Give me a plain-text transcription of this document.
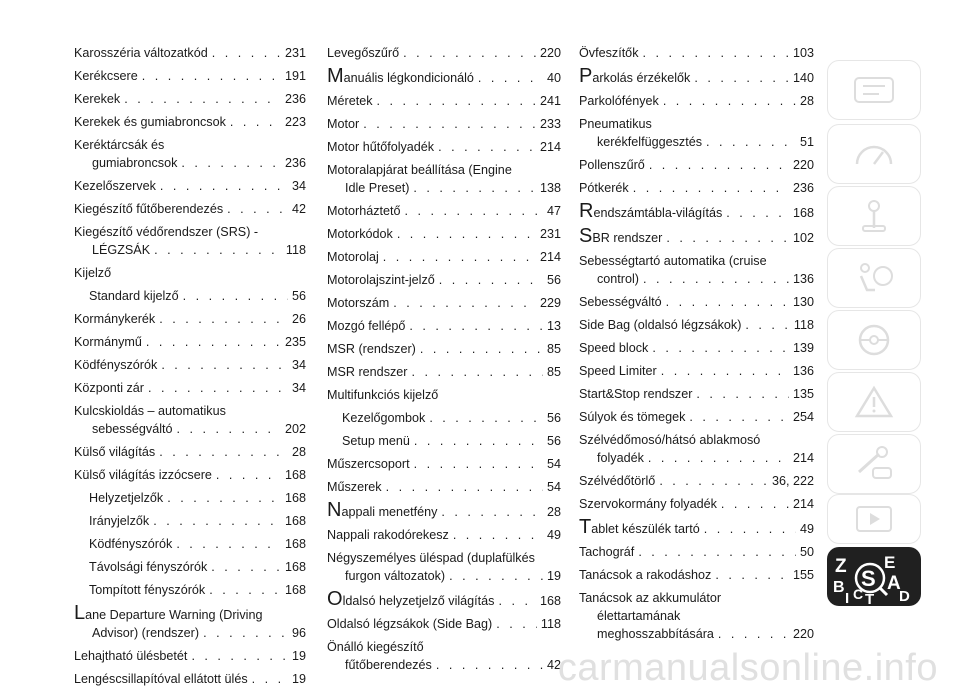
Karosszéria változatkód . . .	231
Kerékcsere . . .	191
Kerekek . . .	236
Kerekek és gumiabroncsok . . .	223
Keréktárcsák és
gumiabroncsok . . .	236
Kezelőszervek . . .	34
Kiegészítő fűtőberendezés . . .	42
Kiegészítő védőrendszer (SRS) -
LÉGZSÁK . . .	118
Kijelző
Standard kijelző . . .	56
Kormánykerék . . .	26
Kormánymű . . .	235
Ködfényszórók . . .	34
Központi zár . . .	34
Kulcskioldás – automatikus
sebességváltó . . .	202
Külső világítás . . .	28
Külső világítás izzócsere . . .	168
Helyzetjelzők . . .	168
Irányjelzők . . .	168
Ködfényszórók . . .	168
Távolsági fényszórók . . .	168
Tompított fényszórók . . .	168
Lane Departure Warning (Driving
Advisor) (rendszer) . . .	96
Lehajtható ülésbetét . . .	19
Lengéscsillapítóval ellátott ülés . . .	19
Levegőszűrő . . .	220
Manuális légkondicionáló . . .	40
Méretek . . .	241
Motor . . .	233
Motor hűtőfolyadék . . .	214
Motoralapjárat beállítása (Engine
Idle Preset) . . .	138
Motorháztető . . .	47
Motorkódok . . .	231
Motorolaj . . .	214
Motorolajszint-jelző . . .	56
Motorszám . . .	229
Mozgó fellépő . . .	13
MSR (rendszer) . . .	85
MSR rendszer . . .	85
Multifunkciós kijelző
Kezelőgombok . . .	56
Setup menü . . .	56
Műszercsoport . . .	54
Műszerek . . .	54
Nappali menetfény . . .	28
Nappali rakodórekesz . . .	49
Négyszemélyes üléspad (duplafülkés
furgon változatok) . . .	19
Oldalsó helyzetjelző világítás . . .	168
Oldalsó légzsákok (Side Bag) . . .	118
Önálló kiegészítő
fűtőberendezés . . .	42
Övfeszítők . . .	103
Parkolás érzékelők . . .	140
Parkolófények . . .	28
Pneumatikus
kerékfelfüggesztés . . .	51
Pollenszűrő . . .	220
Pótkerék . . .	236
Rendszámtábla-világítás . . .	168
SBR rendszer . . .	102
Sebességtartó automatika (cruise
control) . . .	136
Sebességváltó . . .	130
Side Bag (oldalsó légzsákok) . . .	118
Speed block . . .	139
Speed Limiter . . .	136
Start&Stop rendszer . . .	135
Súlyok és tömegek . . .	254
Szélvédőmosó/hátsó ablakmosó
folyadék . . .	214
Szélvédőtörlő . . .	36, 222
Szervokormány folyadék . . .	214
Tablet készülék tartó . . .	49
Tachográf . . .	50
Tanácsok a rakodáshoz . . .	155
Tanácsok az akkumulátor
élettartamának
meghosszabbítására . . .	220
Z E
B S A
I C T D
carmanualsonline.info
